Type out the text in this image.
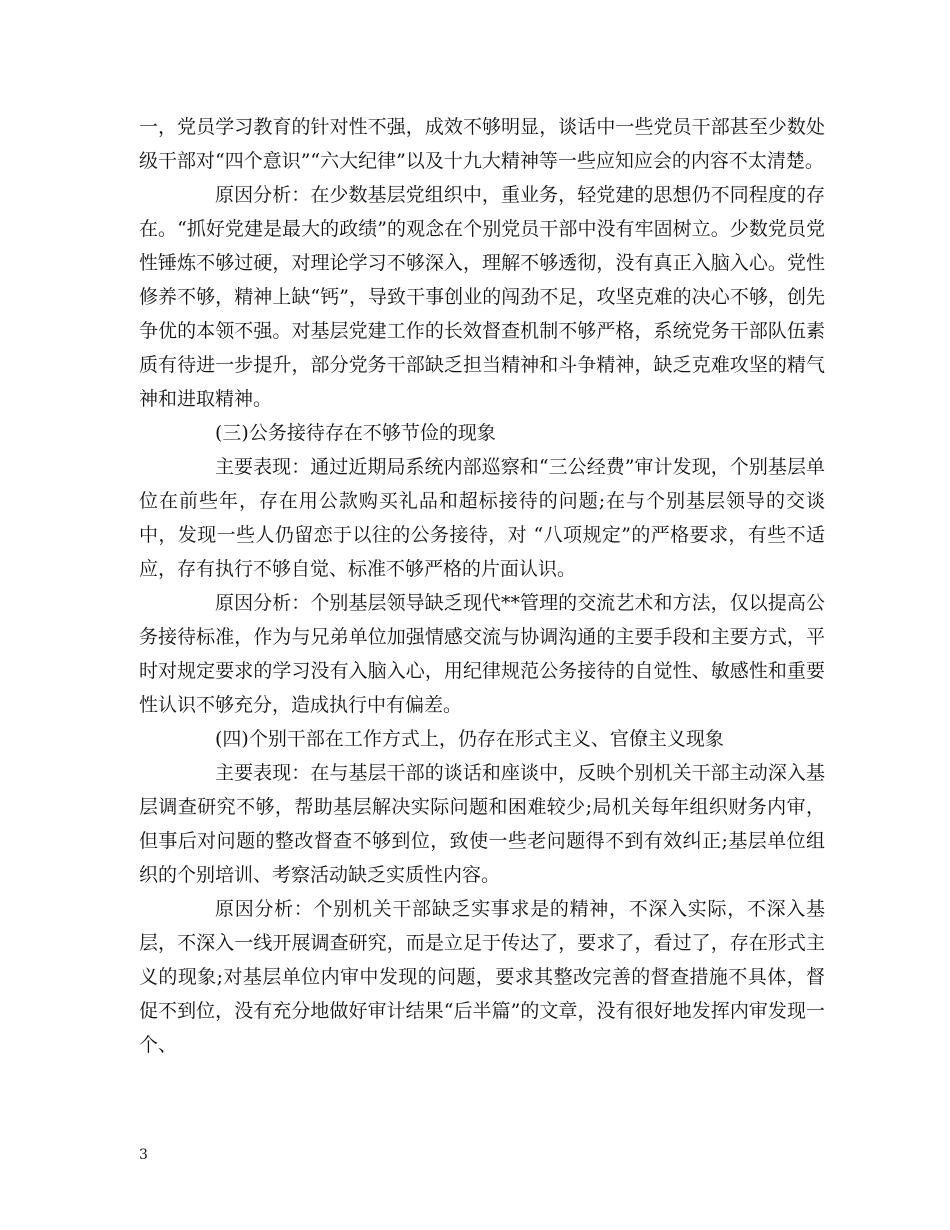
一，党员学习教育的针对性不强，成效不够明显，谈话中一些党员干部甚至少数处级干部对“四个意识”“六大纪律”以及十九大精神等一些应知应会的内容不太清楚。

原因分析：在少数基层党组织中，重业务，轻党建的思想仍不同程度的存在。“抓好党建是最大的政绩”的观念在个别党员干部中没有牢固树立。少数党员党性锤炼不够过硬，对理论学习不够深入，理解不够透彻，没有真正入脑入心。党性修养不够，精神上缺“钙”，导致干事创业的闯劲不足，攻坚克难的决心不够，创先争优的本领不强。对基层党建工作的长效督查机制不够严格，系统党务干部队伍素质有待进一步提升，部分党务干部缺乏担当精神和斗争精神，缺乏克难攻坚的精气神和进取精神。

(三)公务接待存在不够节俭的现象

主要表现：通过近期局系统内部巡察和“三公经费”审计发现，个别基层单位在前些年，存在用公款购买礼品和超标接待的问题;在与个别基层领导的交谈中，发现一些人仍留恋于以往的公务接待，对 “八项规定”的严格要求，有些不适应，存有执行不够自觉、标准不够严格的片面认识。

原因分析：个别基层领导缺乏现代**管理的交流艺术和方法，仅以提高公务接待标准，作为与兄弟单位加强情感交流与协调沟通的主要手段和主要方式，平时对规定要求的学习没有入脑入心，用纪律规范公务接待的自觉性、敏感性和重要性认识不够充分，造成执行中有偏差。

(四)个别干部在工作方式上，仍存在形式主义、官僚主义现象

主要表现：在与基层干部的谈话和座谈中，反映个别机关干部主动深入基层调查研究不够，帮助基层解决实际问题和困难较少;局机关每年组织财务内审，但事后对问题的整改督查不够到位，致使一些老问题得不到有效纠正;基层单位组织的个别培训、考察活动缺乏实质性内容。

原因分析：个别机关干部缺乏实事求是的精神，不深入实际，不深入基层，不深入一线开展调查研究，而是立足于传达了，要求了，看过了，存在形式主义的现象;对基层单位内审中发现的问题，要求其整改完善的督查措施不具体，督促不到位，没有充分地做好审计结果“后半篇”的文章，没有很好地发挥内审发现一个、

3
